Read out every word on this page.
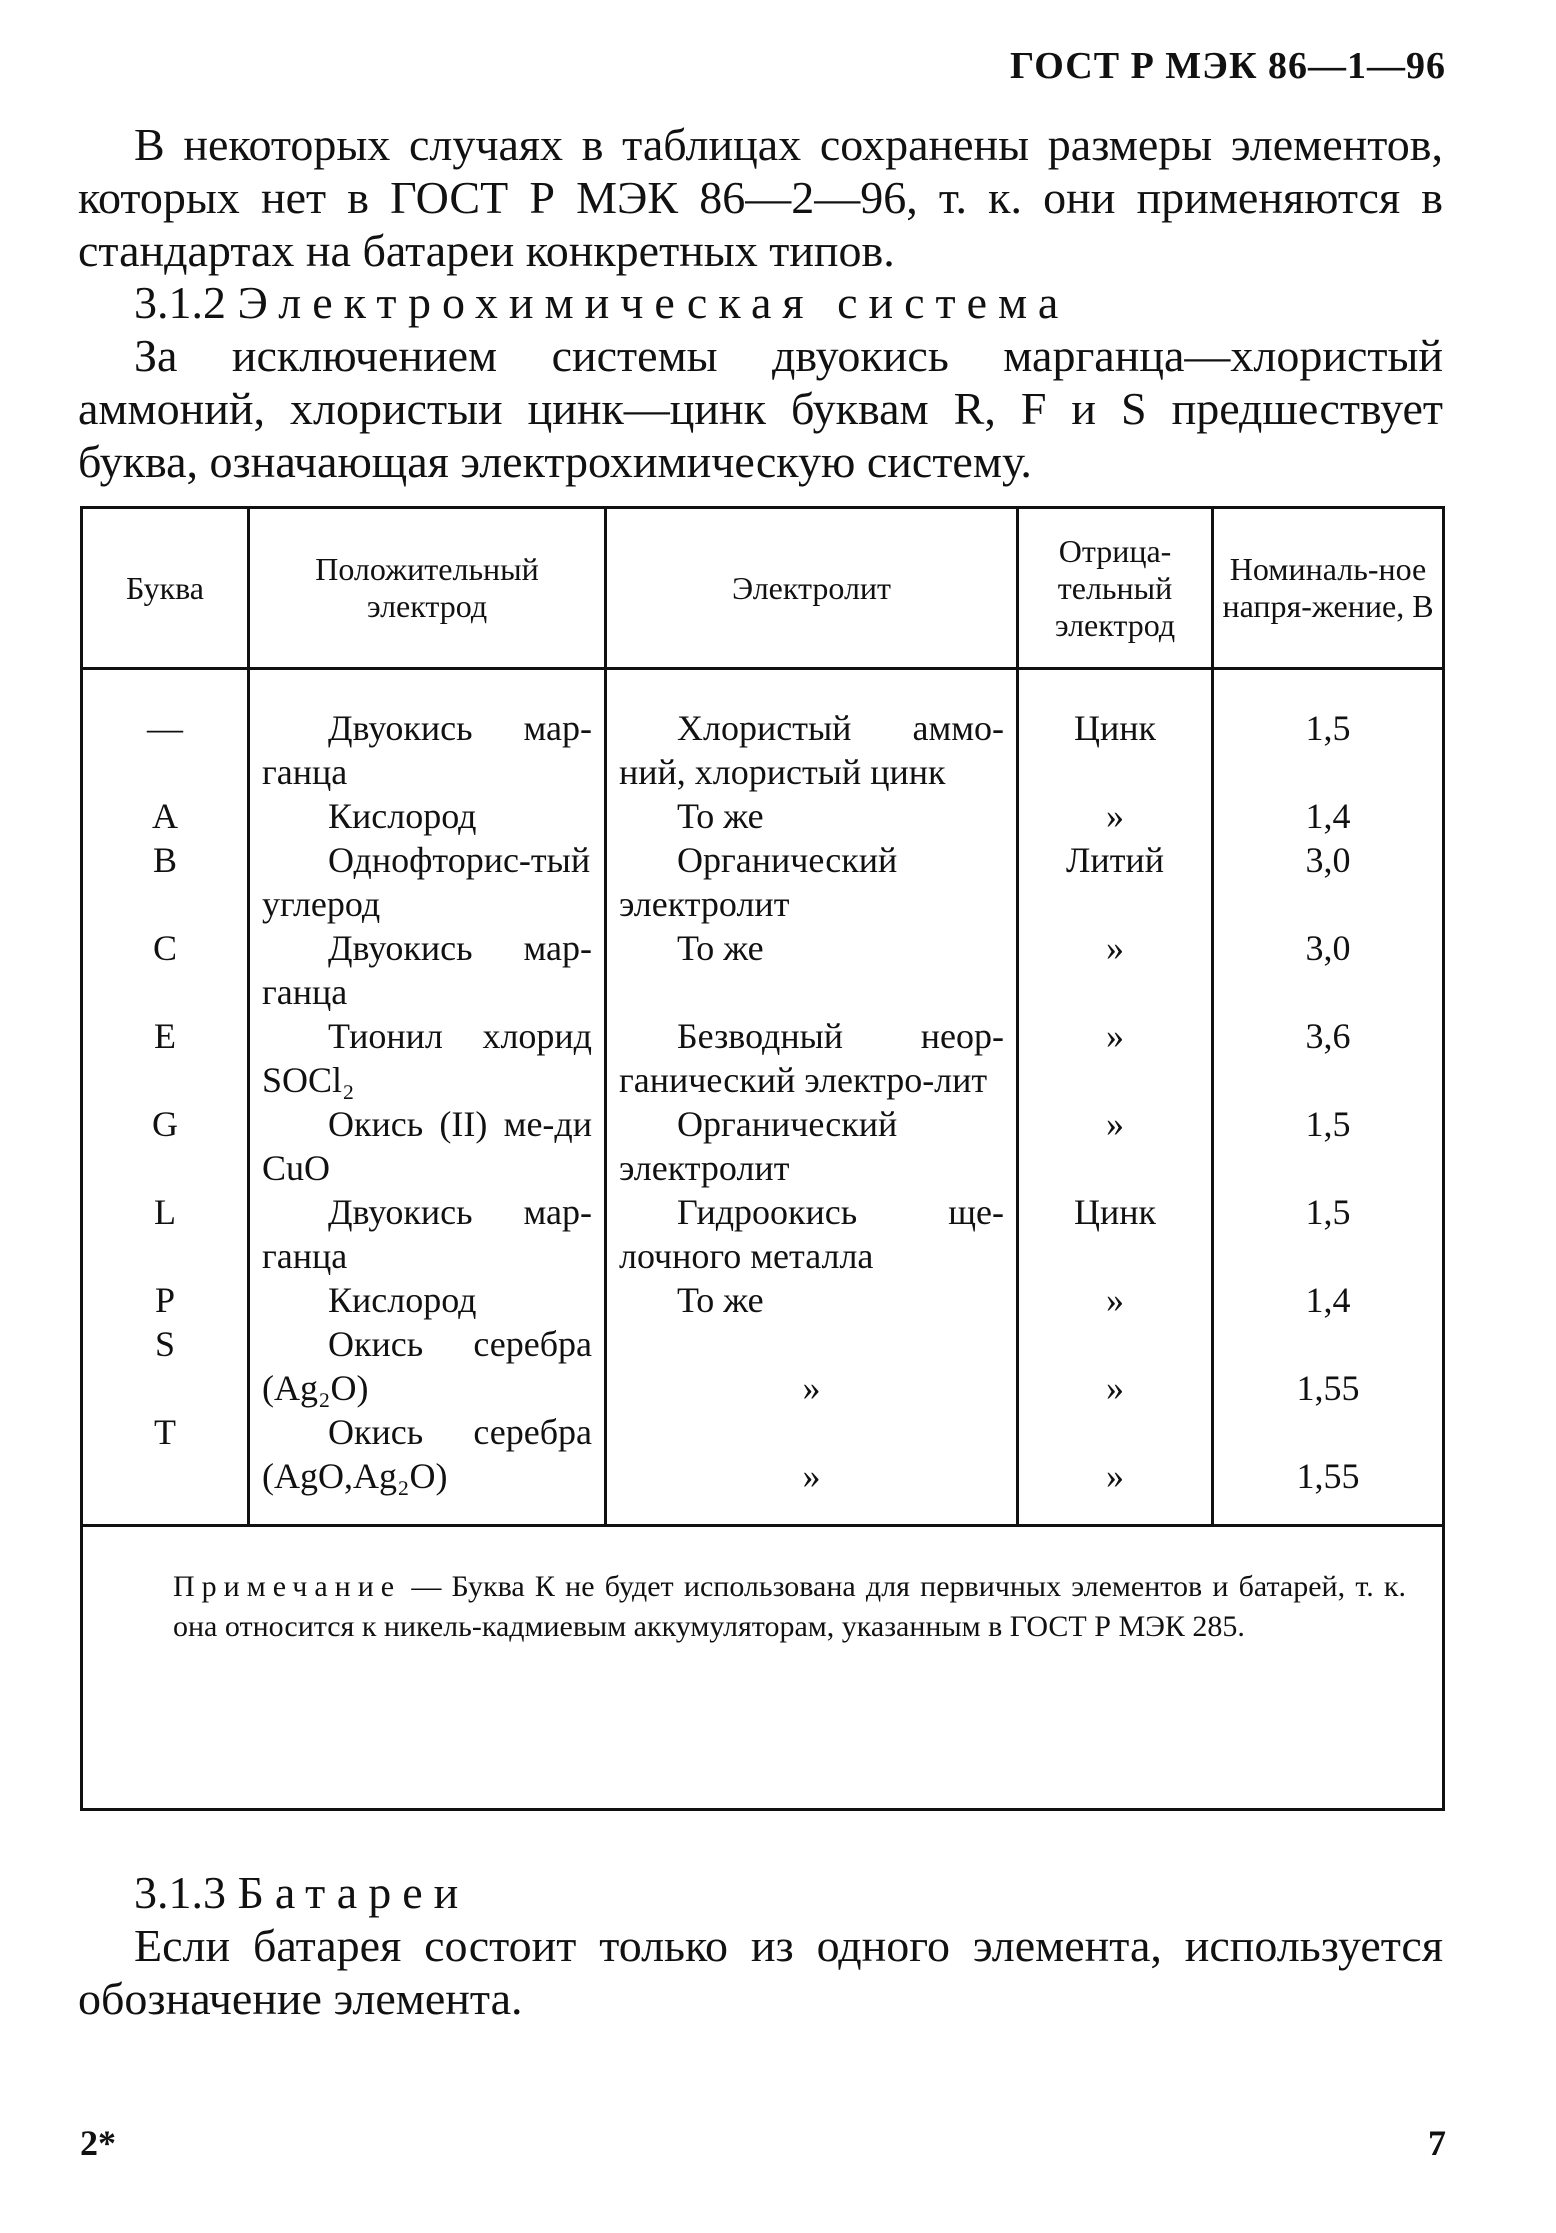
ГОСТ Р МЭК 86—1—96

В некоторых случаях в таблицах сохранены размеры элементов, которых нет в ГОСТ Р МЭК 86—2—96, т. к. они применяются в стандартах на батареи конкретных типов.

3.1.2 Электрохимическая система

За исключением системы двуокись марганца—хлористый аммоний, хлористыи цинк—цинк буквам R, F и S предшествует буква, означающая электрохимическую систему.

Буква	Положительный электрод	Электролит	Отрица-тельный электрод	Номиналь-ное напря-жение, В
—	Двуокись мар-ганца	Хлористый аммо-ний, хлористый цинк	Цинк	1,5
A	Кислород	То же	»	1,4
B	Однофторис-тый углерод	Органический электролит	Литий	3,0
C	Двуокись мар-ганца	То же	»	3,0
E	Тионил хлорид SOCl₂	Безводный неор-ганический электро-лит	»	3,6
G	Окись (II) ме-ди CuO	Органический электролит	»	1,5
L	Двуокись мар-ганца	Гидроокись ще-лочного металла	Цинк	1,5
P	Кислород	То же	»	1,4
S	Окись серебра (Ag₂O)	»	»	1,55
T	Окись серебра (AgO,Ag₂O)	»	»	1,55
Примечание — Буква К не будет использована для первичных элементов и батарей, т. к. она относится к никель-кадмиевым аккумуляторам, указанным в ГОСТ Р МЭК 285.
3.1.3 Батареи

Если батарея состоит только из одного элемента, используется обозначение элемента.

2*	7
